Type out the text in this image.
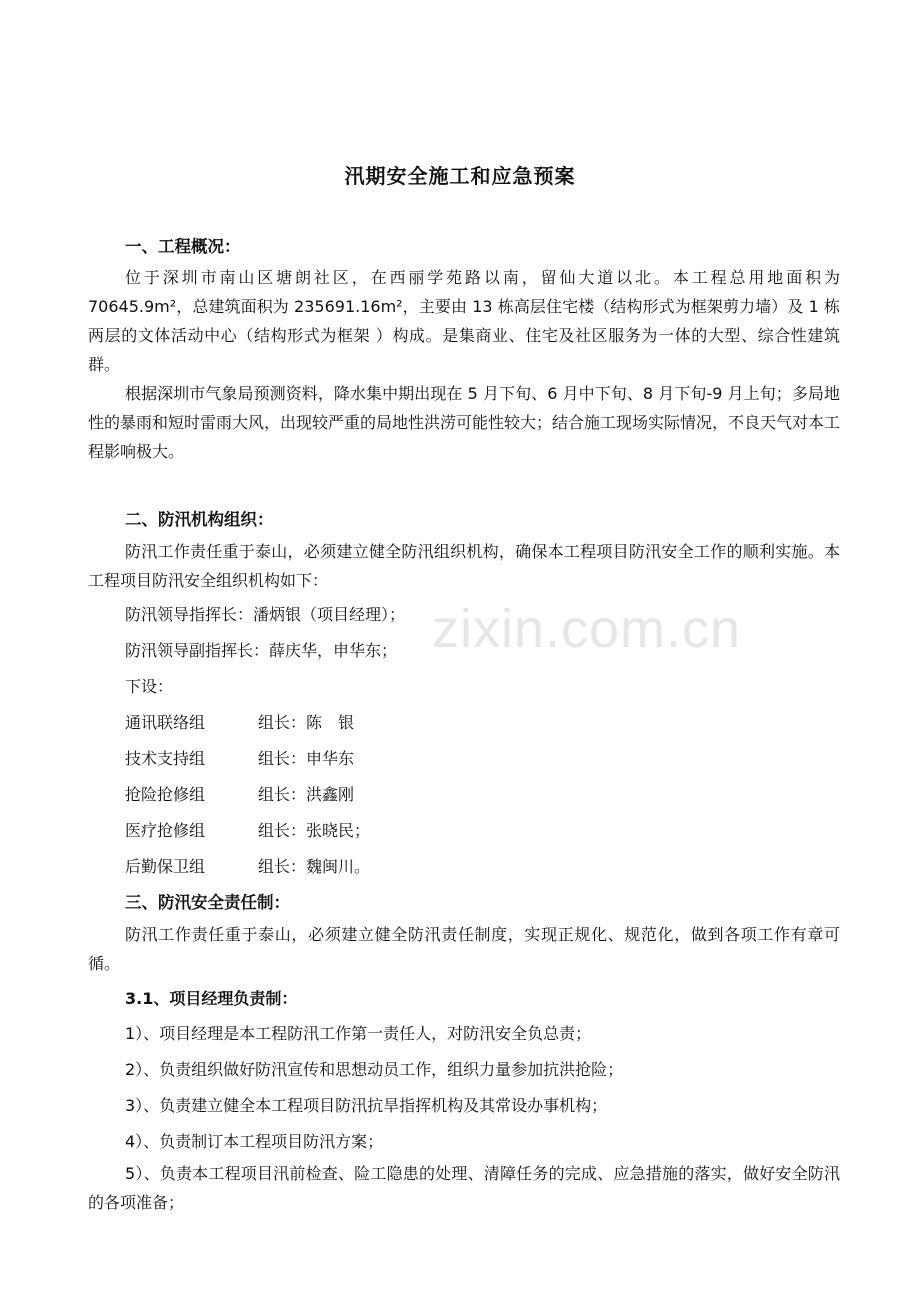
zixin.com.cn
汛期安全施工和应急预案
一、工程概况：
位于深圳市南山区塘朗社区，在西丽学苑路以南，留仙大道以北。本工程总用地面积为 70645.9m²，总建筑面积为 235691.16m²，主要由 13 栋高层住宅楼（结构形式为框架剪力墙）及 1 栋两层的文体活动中心（结构形式为框架 ）构成。是集商业、住宅及社区服务为一体的大型、综合性建筑群。
根据深圳市气象局预测资料，降水集中期出现在 5 月下旬、6 月中下旬、8 月下旬-9 月上旬；多局地性的暴雨和短时雷雨大风，出现较严重的局地性洪涝可能性较大；结合施工现场实际情况，不良天气对本工程影响极大。
二、防汛机构组织：
防汛工作责任重于泰山，必须建立健全防汛组织机构，确保本工程项目防汛安全工作的顺利实施。本工程项目防汛安全组织机构如下：
防汛领导指挥长：潘炳银（项目经理）；
防汛领导副指挥长：薛庆华，申华东；
下设：
通讯联络组	组长：陈　银
技术支持组	组长：申华东
抢险抢修组	组长：洪鑫刚
医疗抢修组	组长：张晓民；
后勤保卫组	组长：魏闽川。
三、防汛安全责任制：
防汛工作责任重于泰山，必须建立健全防汛责任制度，实现正规化、规范化，做到各项工作有章可循。
3.1、项目经理负责制：
1）、项目经理是本工程防汛工作第一责任人，对防汛安全负总责；
2）、负责组织做好防汛宣传和思想动员工作，组织力量参加抗洪抢险；
3）、负责建立健全本工程项目防汛抗旱指挥机构及其常设办事机构；
4）、负责制订本工程项目防汛方案；
5）、负责本工程项目汛前检查、险工隐患的处理、清障任务的完成、应急措施的落实，做好安全防汛的各项准备；
